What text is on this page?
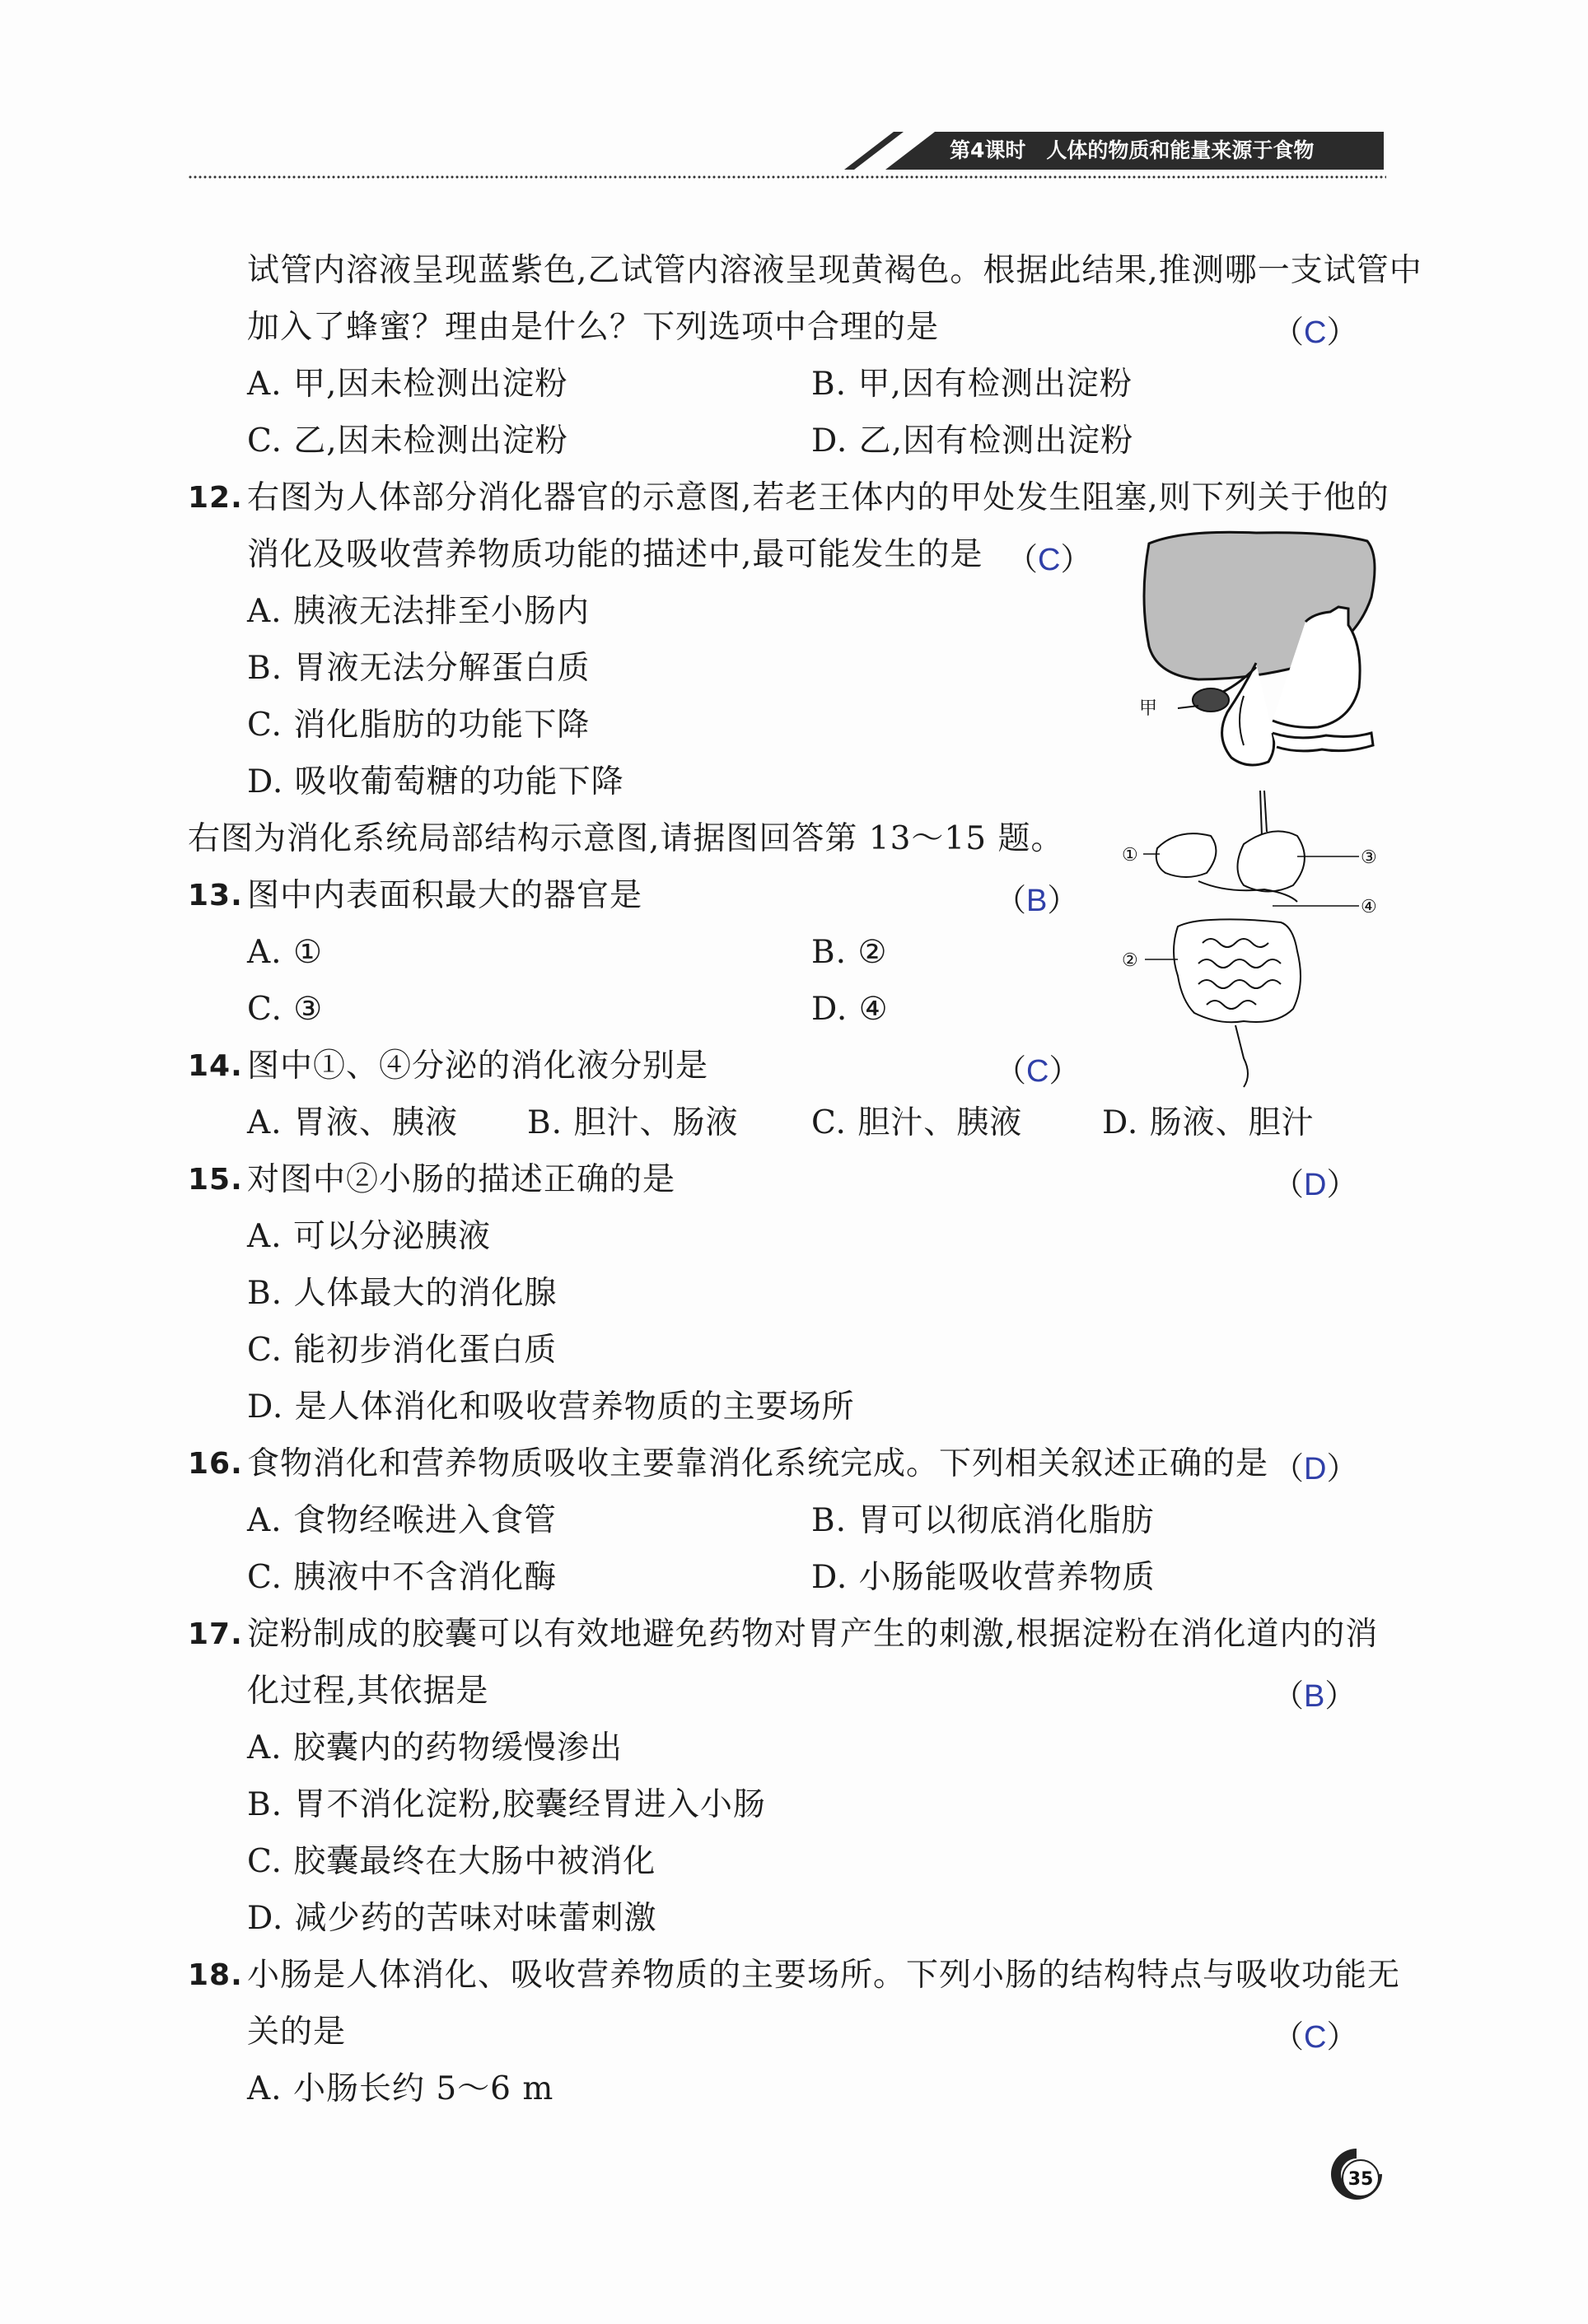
第4课时　人体的物质和能量来源于食物
试管内溶液呈现蓝紫色,乙试管内溶液呈现黄褐色。根据此结果,推测哪一支试管中
加入了蜂蜜？理由是什么？下列选项中合理的是	（C）
A. 甲,因未检测出淀粉	B. 甲,因有检测出淀粉
C. 乙,因未检测出淀粉	D. 乙,因有检测出淀粉
12. 右图为人体部分消化器官的示意图,若老王体内的甲处发生阻塞,则下列关于他的
消化及吸收营养物质功能的描述中,最可能发生的是 （C）
A. 胰液无法排至小肠内
B. 胃液无法分解蛋白质
C. 消化脂肪的功能下降
D. 吸收葡萄糖的功能下降
甲
右图为消化系统局部结构示意图,请据图回答第 13～15 题。	①
②
③
④
13. 图中内表面积最大的器官是	（B）
A. ①	B. ②
C. ③	D. ④
14. 图中①、④分泌的消化液分别是	（C）
A. 胃液、胰液 B. 胆汁、肠液 C. 胆汁、胰液 D. 肠液、胆汁
15. 对图中②小肠的描述正确的是	（D）
A. 可以分泌胰液
B. 人体最大的消化腺
C. 能初步消化蛋白质
D. 是人体消化和吸收营养物质的主要场所
16. 食物消化和营养物质吸收主要靠消化系统完成。下列相关叙述正确的是 （D）
A. 食物经喉进入食管	B. 胃可以彻底消化脂肪
C. 胰液中不含消化酶	D. 小肠能吸收营养物质
17. 淀粉制成的胶囊可以有效地避免药物对胃产生的刺激,根据淀粉在消化道内的消
化过程,其依据是	（B）
A. 胶囊内的药物缓慢渗出
B. 胃不消化淀粉,胶囊经胃进入小肠
C. 胶囊最终在大肠中被消化
D. 减少药的苦味对味蕾刺激
18. 小肠是人体消化、吸收营养物质的主要场所。下列小肠的结构特点与吸收功能无
关的是	（C）
A. 小肠长约 5～6 m
35
